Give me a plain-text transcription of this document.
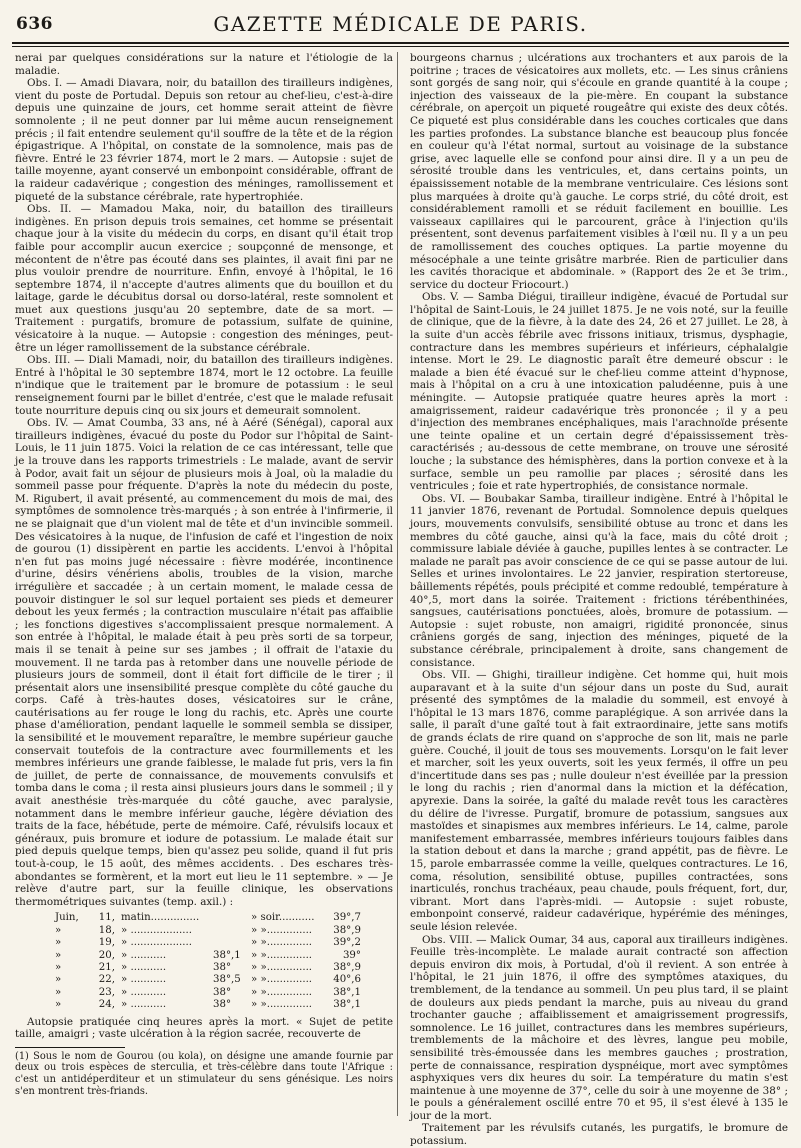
636	GAZETTE MÉDICALE DE PARIS.

nerai par quelques considérations sur la nature et l'étiologie de la maladie.

Obs. I. — Amadi Diavara, noir, du bataillon des tirailleurs indigènes, vient du poste de Portudal. Depuis son retour au chef-lieu, c'est-à-dire depuis une quinzaine de jours, cet homme serait atteint de fièvre somnolente ; il ne peut donner par lui même aucun renseignement précis ; il fait entendre seulement qu'il souffre de la tête et de la région épigastrique. A l'hôpital, on constate de la somnolence, mais pas de fièvre. Entré le 23 février 1874, mort le 2 mars. — Autopsie : sujet de taille moyenne, ayant conservé un embonpoint considérable, offrant de la raideur cadavérique ; congestion des méninges, ramollissement et piqueté de la substance cérébrale, rate hypertrophiée.

Obs. II. — Mamadou Maka, noir, du bataillon des tirailleurs indigènes. En prison depuis trois semaines, cet homme se présentait chaque jour à la visite du médecin du corps, en disant qu'il était trop faible pour accomplir aucun exercice ; soupçonné de mensonge, et mécontent de n'être pas écouté dans ses plaintes, il avait fini par ne plus vouloir prendre de nourriture. Enfin, envoyé à l'hôpital, le 16 septembre 1874, il n'accepte d'autres aliments que du bouillon et du laitage, garde le décubitus dorsal ou dorso-latéral, reste somnolent et muet aux questions jusqu'au 20 septembre, date de sa mort. — Traitement : purgatifs, bromure de potassium, sulfate de quinine, vésicatoire à la nuque. — Autopsie : congestion des méninges, peut-être un léger ramollissement de la substance cérébrale.

Obs. III. — Diali Mamadi, noir, du bataillon des tirailleurs indigènes. Entré à l'hôpital le 30 septembre 1874, mort le 12 octobre. La feuille n'indique que le traitement par le bromure de potassium : le seul renseignement fourni par le billet d'entrée, c'est que le malade refusait toute nourriture depuis cinq ou six jours et demeurait somnolent.

Obs. IV. — Amat Coumba, 33 ans, né à Aéré (Sénégal), caporal aux tirailleurs indigènes, évacué du poste du Podor sur l'hôpital de Saint-Louis, le 11 juin 1875. Voici la relation de ce cas intéressant, telle que je la trouve dans les rapports trimestriels : Le malade, avant de servir à Podor, avait fait un séjour de plusieurs mois à Joal, où la maladie du sommeil passe pour fréquente. D'après la note du médecin du poste, M. Rigubert, il avait présenté, au commencement du mois de mai, des symptômes de somnolence très-marqués ; à son entrée à l'infirmerie, il ne se plaignait que d'un violent mal de tête et d'un invincible sommeil. Des vésicatoires à la nuque, de l'infusion de café et l'ingestion de noix de gourou (1) dissipèrent en partie les accidents. L'envoi à l'hôpital n'en fut pas moins jugé nécessaire : fièvre modérée, incontinence d'urine, désirs vénériens abolis, troubles de la vision, marche irrégulière et saccadée ; à un certain moment, le malade cessa de pouvoir distinguer le sol sur lequel portaient ses pieds et demeurer debout les yeux fermés ; la contraction musculaire n'était pas affaiblie ; les fonctions digestives s'accomplissaient presque normalement. A son entrée à l'hôpital, le malade était à peu près sorti de sa torpeur, mais il se tenait à peine sur ses jambes ; il offrait de l'ataxie du mouvement. Il ne tarda pas à retomber dans une nouvelle période de plusieurs jours de sommeil, dont il était fort difficile de le tirer ; il présentait alors une insensibilité presque complète du côté gauche du corps. Café à très-hautes doses, vésicatoires sur le crâne, cautérisations au fer rouge le long du rachis, etc. Après une courte phase d'amélioration, pendant laquelle le sommeil sembla se dissiper, la sensibilité et le mouvement reparaître, le membre supérieur gauche conservait toutefois de la contracture avec fourmillements et les membres inférieurs une grande faiblesse, le malade fut pris, vers la fin de juillet, de perte de connaissance, de mouvements convulsifs et tomba dans le coma ; il resta ainsi plusieurs jours dans le sommeil ; il y avait anesthésie très-marquée du côté gauche, avec paralysie, notamment dans le membre inférieur gauche, légère déviation des traits de la face, hébétude, perte de mémoire. Café, révulsifs locaux et généraux, puis bromure et iodure de potassium. Le malade était sur pied depuis quelque temps, bien qu'assez peu solide, quand il fut pris tout-à-coup, le 15 août, des mêmes accidents. . Des eschares très-abondantes se formèrent, et la mort eut lieu le 11 septembre. » — Je relève d'autre part, sur la feuille clinique, les observations thermométriques suivantes (temp. axil.) :

Juin,	11, matin...............	» soir...........	39°,7
»	18, » ...................	» »..............	38°,9
»	19, » ...................	» »..............	39°,2
»	20, » ...........	38°,1	» »..............	39°
»	21, » ...........	38°	» »..............	38°,9
»	22, » ...........	38°,5	» »..............	40°,6
»	23, » ...........	38°	» »..............	38°,1
»	24, » ...........	38°	» »..............	38°,1

Autopsie pratiquée cinq heures après la mort. « Sujet de petite taille, amaigri ; vaste ulcération à la région sacrée, recouverte de

(1) Sous le nom de Gourou (ou kola), on désigne une amande fournie par deux ou trois espèces de sterculia, et très-célèbre dans toute l'Afrique : c'est un antidéperditeur et un stimulateur du sens génésique. Les noirs s'en montrent très-friands.

bourgeons charnus ; ulcérations aux trochanters et aux parois de la poitrine ; traces de vésicatoires aux mollets, etc. — Les sinus crâniens sont gorgés de sang noir, qui s'écoule en grande quantité à la coupe ; injection des vaisseaux de la pie-mère. En coupant la substance cérébrale, on aperçoit un piqueté rougeâtre qui existe des deux côtés. Ce piqueté est plus considérable dans les couches corticales que dans les parties profondes. La substance blanche est beaucoup plus foncée en couleur qu'à l'état normal, surtout au voisinage de la substance grise, avec laquelle elle se confond pour ainsi dire. Il y a un peu de sérosité trouble dans les ventricules, et, dans certains points, un épaississement notable de la membrane ventriculaire. Ces lésions sont plus marquées à droite qu'à gauche. Le corps strié, du côté droit, est considérablement ramolli et se réduit facilement en bouillie. Les vaisseaux capillaires qui le parcourent, grâce à l'injection qu'ils présentent, sont devenus parfaitement visibles à l'œil nu. Il y a un peu de ramollissement des couches optiques. La partie moyenne du mésocéphale a une teinte grisâtre marbrée. Rien de particulier dans les cavités thoracique et abdominale. » (Rapport des 2e et 3e trim., service du docteur Friocourt.)

Obs. V. — Samba Diégui, tirailleur indigène, évacué de Portudal sur l'hôpital de Saint-Louis, le 24 juillet 1875. Je ne vois noté, sur la feuille de clinique, que de la fièvre, à la date des 24, 26 et 27 juillet. Le 28, à la suite d'un accès fébrile avec frissons initiaux, trismus, dysphagie, contracture dans les membres supérieurs et inférieurs, céphalalgie intense. Mort le 29. Le diagnostic paraît être demeuré obscur : le malade a bien été évacué sur le chef-lieu comme atteint d'hypnose, mais à l'hôpital on a cru à une intoxication paludéenne, puis à une méningite. — Autopsie pratiquée quatre heures après la mort : amaigrissement, raideur cadavérique très prononcée ; il y a peu d'injection des membranes encéphaliques, mais l'arachnoïde présente une teinte opaline et un certain degré d'épaississement très-caractérisés ; au-dessous de cette membrane, on trouve une sérosité louche ; la substance des hémisphères, dans la portion convexe et à la surface, semble un peu ramollie par places ; sérosité dans les ventricules ; foie et rate hypertrophiés, de consistance normale.

Obs. VI. — Boubakar Samba, tirailleur indigène. Entré à l'hôpital le 11 janvier 1876, revenant de Portudal. Somnolence depuis quelques jours, mouvements convulsifs, sensibilité obtuse au tronc et dans les membres du côté gauche, ainsi qu'à la face, mais du côté droit ; commissure labiale déviée à gauche, pupilles lentes à se contracter. Le malade ne paraît pas avoir conscience de ce qui se passe autour de lui. Selles et urines involontaires. Le 22 janvier, respiration stertoreuse, bâillements répétés, pouls précipité et comme redoublé, température à 40°,5, mort dans la soirée. Traitement : frictions térébenthinées, sangsues, cautérisations ponctuées, aloès, bromure de potassium. — Autopsie : sujet robuste, non amaigri, rigidité prononcée, sinus crâniens gorgés de sang, injection des méninges, piqueté de la substance cérébrale, principalement à droite, sans changement de consistance.

Obs. VII. — Ghighi, tirailleur indigène. Cet homme qui, huit mois auparavant et à la suite d'un séjour dans un poste du Sud, aurait présenté des symptômes de la maladie du sommeil, est envoyé à l'hôpital le 13 mars 1876, comme paraplégique. A son arrivée dans la salle, il paraît d'une gaîté tout à fait extraordinaire, jette sans motifs de grands éclats de rire quand on s'approche de son lit, mais ne parle guère. Couché, il jouit de tous ses mouvements. Lorsqu'on le fait lever et marcher, soit les yeux ouverts, soit les yeux fermés, il offre un peu d'incertitude dans ses pas ; nulle douleur n'est éveillée par la pression le long du rachis ; rien d'anormal dans la miction et la défécation, apyrexie. Dans la soirée, la gaîté du malade revêt tous les caractères du délire de l'ivresse. Purgatif, bromure de potassium, sangsues aux mastoïdes et sinapismes aux membres inférieurs. Le 14, calme, parole manifestement embarrassée, membres inférieurs toujours faibles dans la station debout et dans la marche ; grand appétit, pas de fièvre. Le 15, parole embarrassée comme la veille, quelques contractures. Le 16, coma, résolution, sensibilité obtuse, pupilles contractées, sons inarticulés, ronchus trachéaux, peau chaude, pouls fréquent, fort, dur, vibrant. Mort dans l'après-midi. — Autopsie : sujet robuste, embonpoint conservé, raideur cadavérique, hypérémie des méninges, seule lésion relevée.

Obs. VIII. — Malick Oumar, 34 aus, caporal aux tirailleurs indigènes. Feuille très-incomplète. Le malade aurait contracté son affection depuis environ dix mois, à Portudal, d'où il revient. A son entrée à l'hôpital, le 21 juin 1876, il offre des symptômes ataxiques, du tremblement, de la tendance au sommeil. Un peu plus tard, il se plaint de douleurs aux pieds pendant la marche, puis au niveau du grand trochanter gauche ; affaiblissement et amaigrissement progressifs, somnolence. Le 16 juillet, contractures dans les membres supérieurs, tremblements de la mâchoire et des lèvres, langue peu mobile, sensibilité très-émoussée dans les membres gauches ; prostration, perte de connaissance, respiration dyspnéique, mort avec symptômes asphyxiques vers dix heures du soir. La température du matin s'est maintenue à une moyenne de 37°, celle du soir à une moyenne de 38° ; le pouls a généralement oscillé entre 70 et 95, il s'est élevé à 135 le jour de la mort.

Traitement par les révulsifs cutanés, les purgatifs, le bromure de potassium.
